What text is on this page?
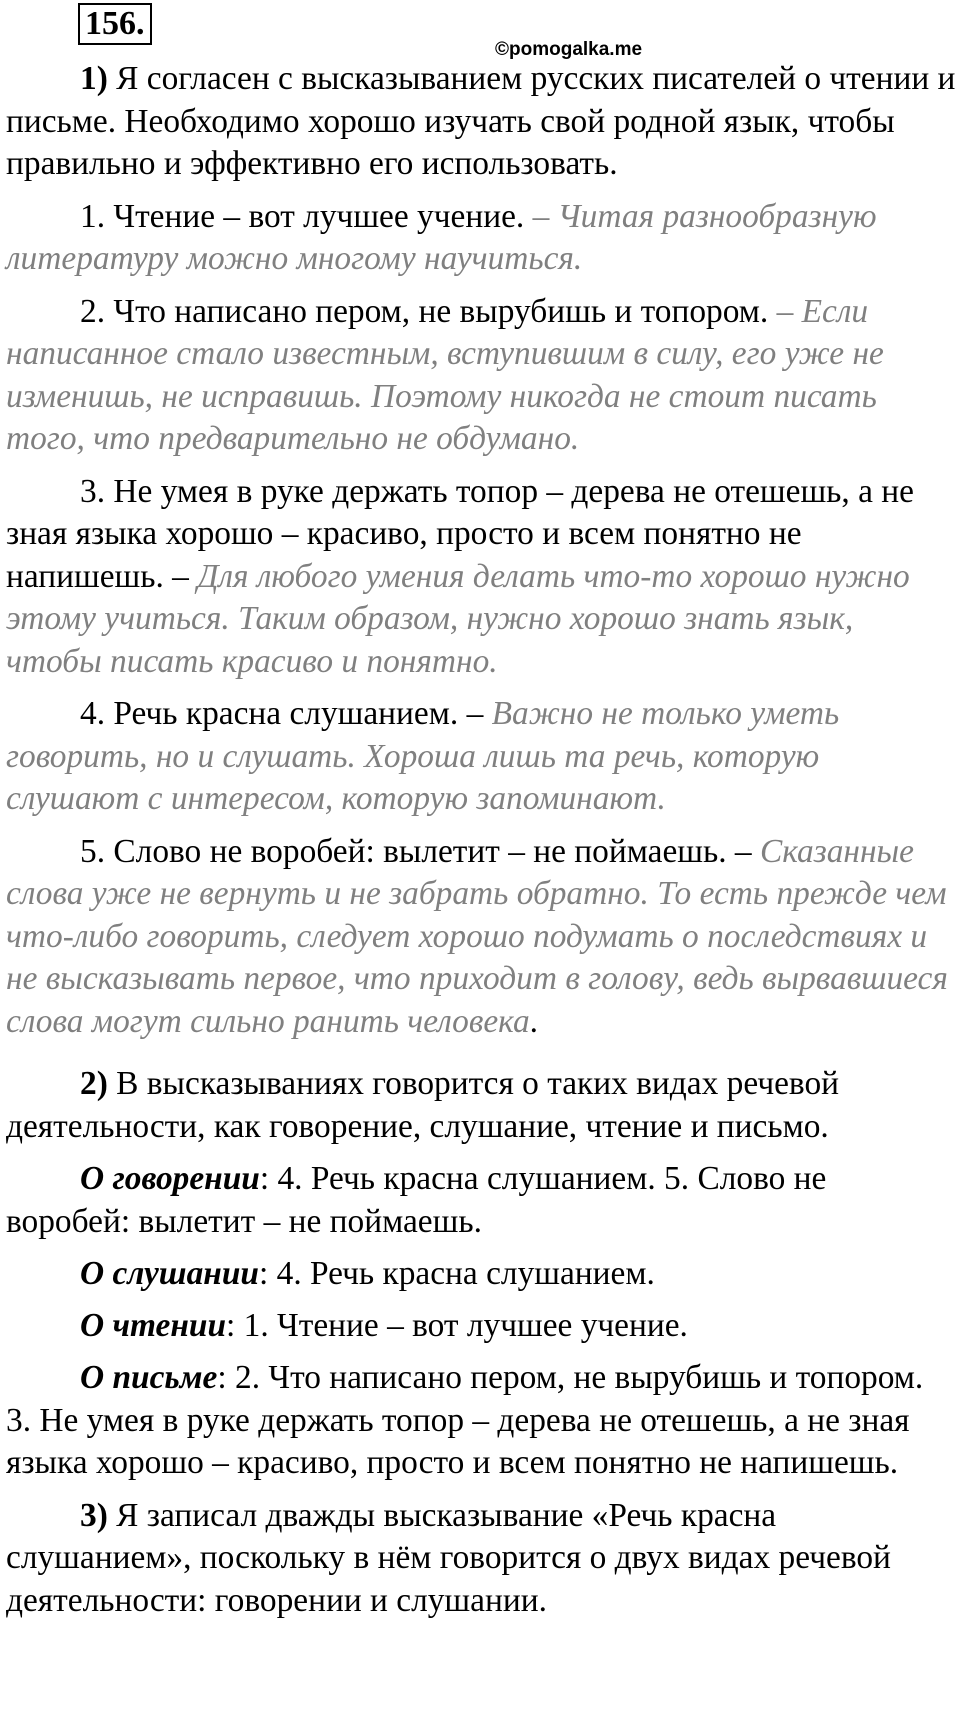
156.
©pomogalka.me

1) Я согласен с высказыванием русских писателей о чтении и письме. Необходимо хорошо изучать свой родной язык, чтобы правильно и эффективно его использовать.

1. Чтение – вот лучшее учение. – Читая разнообразную литературу можно многому научиться.

2. Что написано пером, не вырубишь и топором. – Если написанное стало известным, вступившим в силу, его уже не изменишь, не исправишь. Поэтому никогда не стоит писать того, что предварительно не обдумано.

3. Не умея в руке держать топор – дерева не отешешь, а не зная языка хорошо – красиво, просто и всем понятно не напишешь. – Для любого умения делать что-то хорошо нужно этому учиться. Таким образом, нужно хорошо знать язык, чтобы писать красиво и понятно.

4. Речь красна слушанием. – Важно не только уметь говорить, но и слушать. Хороша лишь та речь, которую слушают с интересом, которую запоминают.

5. Слово не воробей: вылетит – не поймаешь. – Сказанные слова уже не вернуть и не забрать обратно. То есть прежде чем что-либо говорить, следует хорошо подумать о последствиях и не высказывать первое, что приходит в голову, ведь вырвавшиеся слова могут сильно ранить человека.

2) В высказываниях говорится о таких видах речевой деятельности, как говорение, слушание, чтение и письмо.

О говорении: 4. Речь красна слушанием. 5. Слово не воробей: вылетит – не поймаешь.

О слушании: 4. Речь красна слушанием.

О чтении: 1. Чтение – вот лучшее учение.

О письме: 2. Что написано пером, не вырубишь и топором. 3. Не умея в руке держать топор – дерева не отешешь, а не зная языка хорошо – красиво, просто и всем понятно не напишешь.

3) Я записал дважды высказывание «Речь красна слушанием», поскольку в нём говорится о двух видах речевой деятельности: говорении и слушании.
